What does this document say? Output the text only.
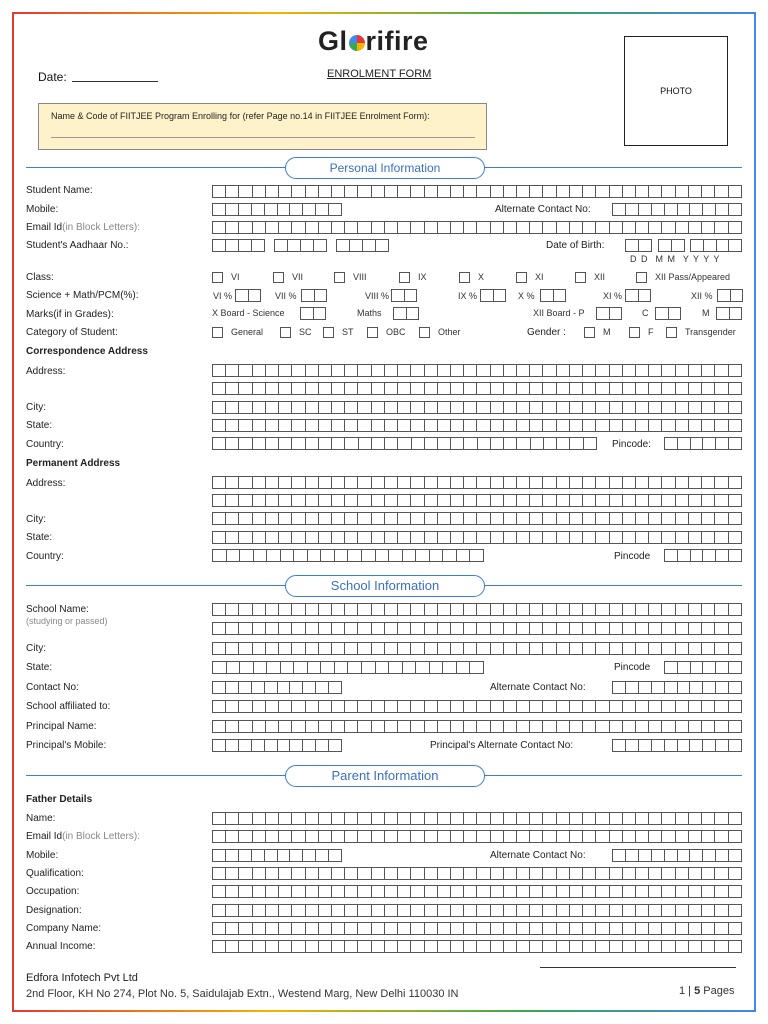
Gl rifire
ENROLMENT FORM
Date:
PHOTO
Name & Code of FIITJEE Program Enrolling for (refer Page no.14 in FIITJEE Enrolment Form):
Personal Information
Student Name:
Mobile:	Alternate Contact No:
Email Id(in Block Letters):
Student's Aadhaar No.:	Date of Birth:
D D  M M  Y Y Y Y
Class:	VI	VII	VIII	IX	X	XI	XII	XII Pass/Appeared
Science + Math/PCM(%):	VI %	VII %	VIII %	IX %	X %	XI %	XII %
Marks(if in Grades):	X Board - Science	Maths	XII Board - P	C	M
Category of Student:	General	SC	ST	OBC	Other	Gender :	M	F	Transgender
Correspondence Address
Address:
City:
State:
Country:	Pincode:
Permanent Address
Address:
City:
State:
Country:	Pincode
School Information
School Name:
(studying or passed)
City:
State:	Pincode
Contact No:	Alternate Contact No:
School affiliated to:
Principal Name:
Principal's Mobile:	Principal's Alternate Contact No:
Parent Information
Father Details
Name:
Email Id(in Block Letters):
Mobile:	Alternate Contact No:
Qualification:
Occupation:
Designation:
Company Name:
Annual Income:
Edfora Infotech Pvt Ltd
2nd Floor, KH No 274, Plot No. 5, Saidulajab Extn., Westend Marg, New Delhi 110030 IN	1 | 5 Pages
